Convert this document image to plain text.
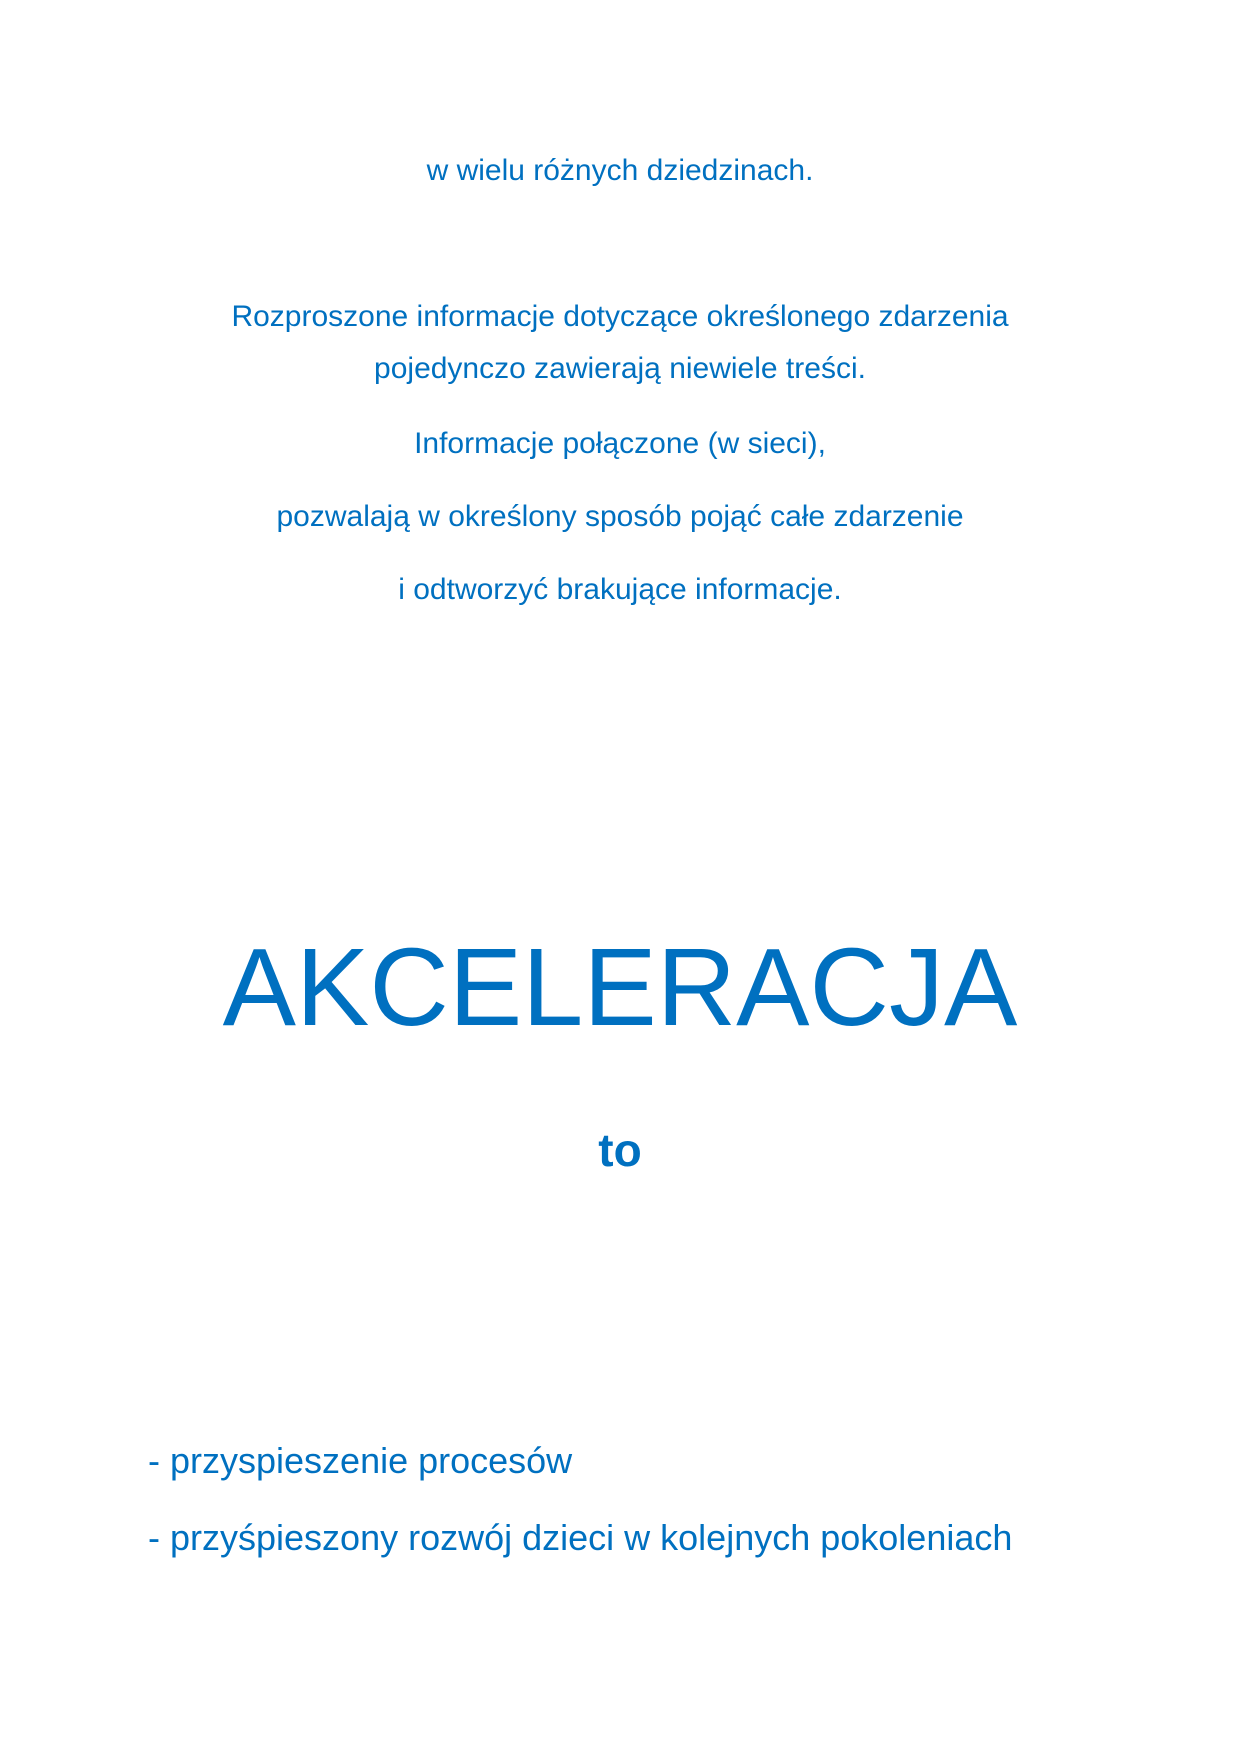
w wielu różnych dziedzinach.

Rozproszone informacje dotyczące określonego zdarzenia

pojedynczo zawierają niewiele treści.

Informacje połączone (w sieci),

pozwalają w określony sposób pojąć całe zdarzenie

i odtworzyć brakujące informacje.

AKCELERACJA

to

- przyspieszenie procesów
- przyśpieszony rozwój dzieci w kolejnych pokoleniach
